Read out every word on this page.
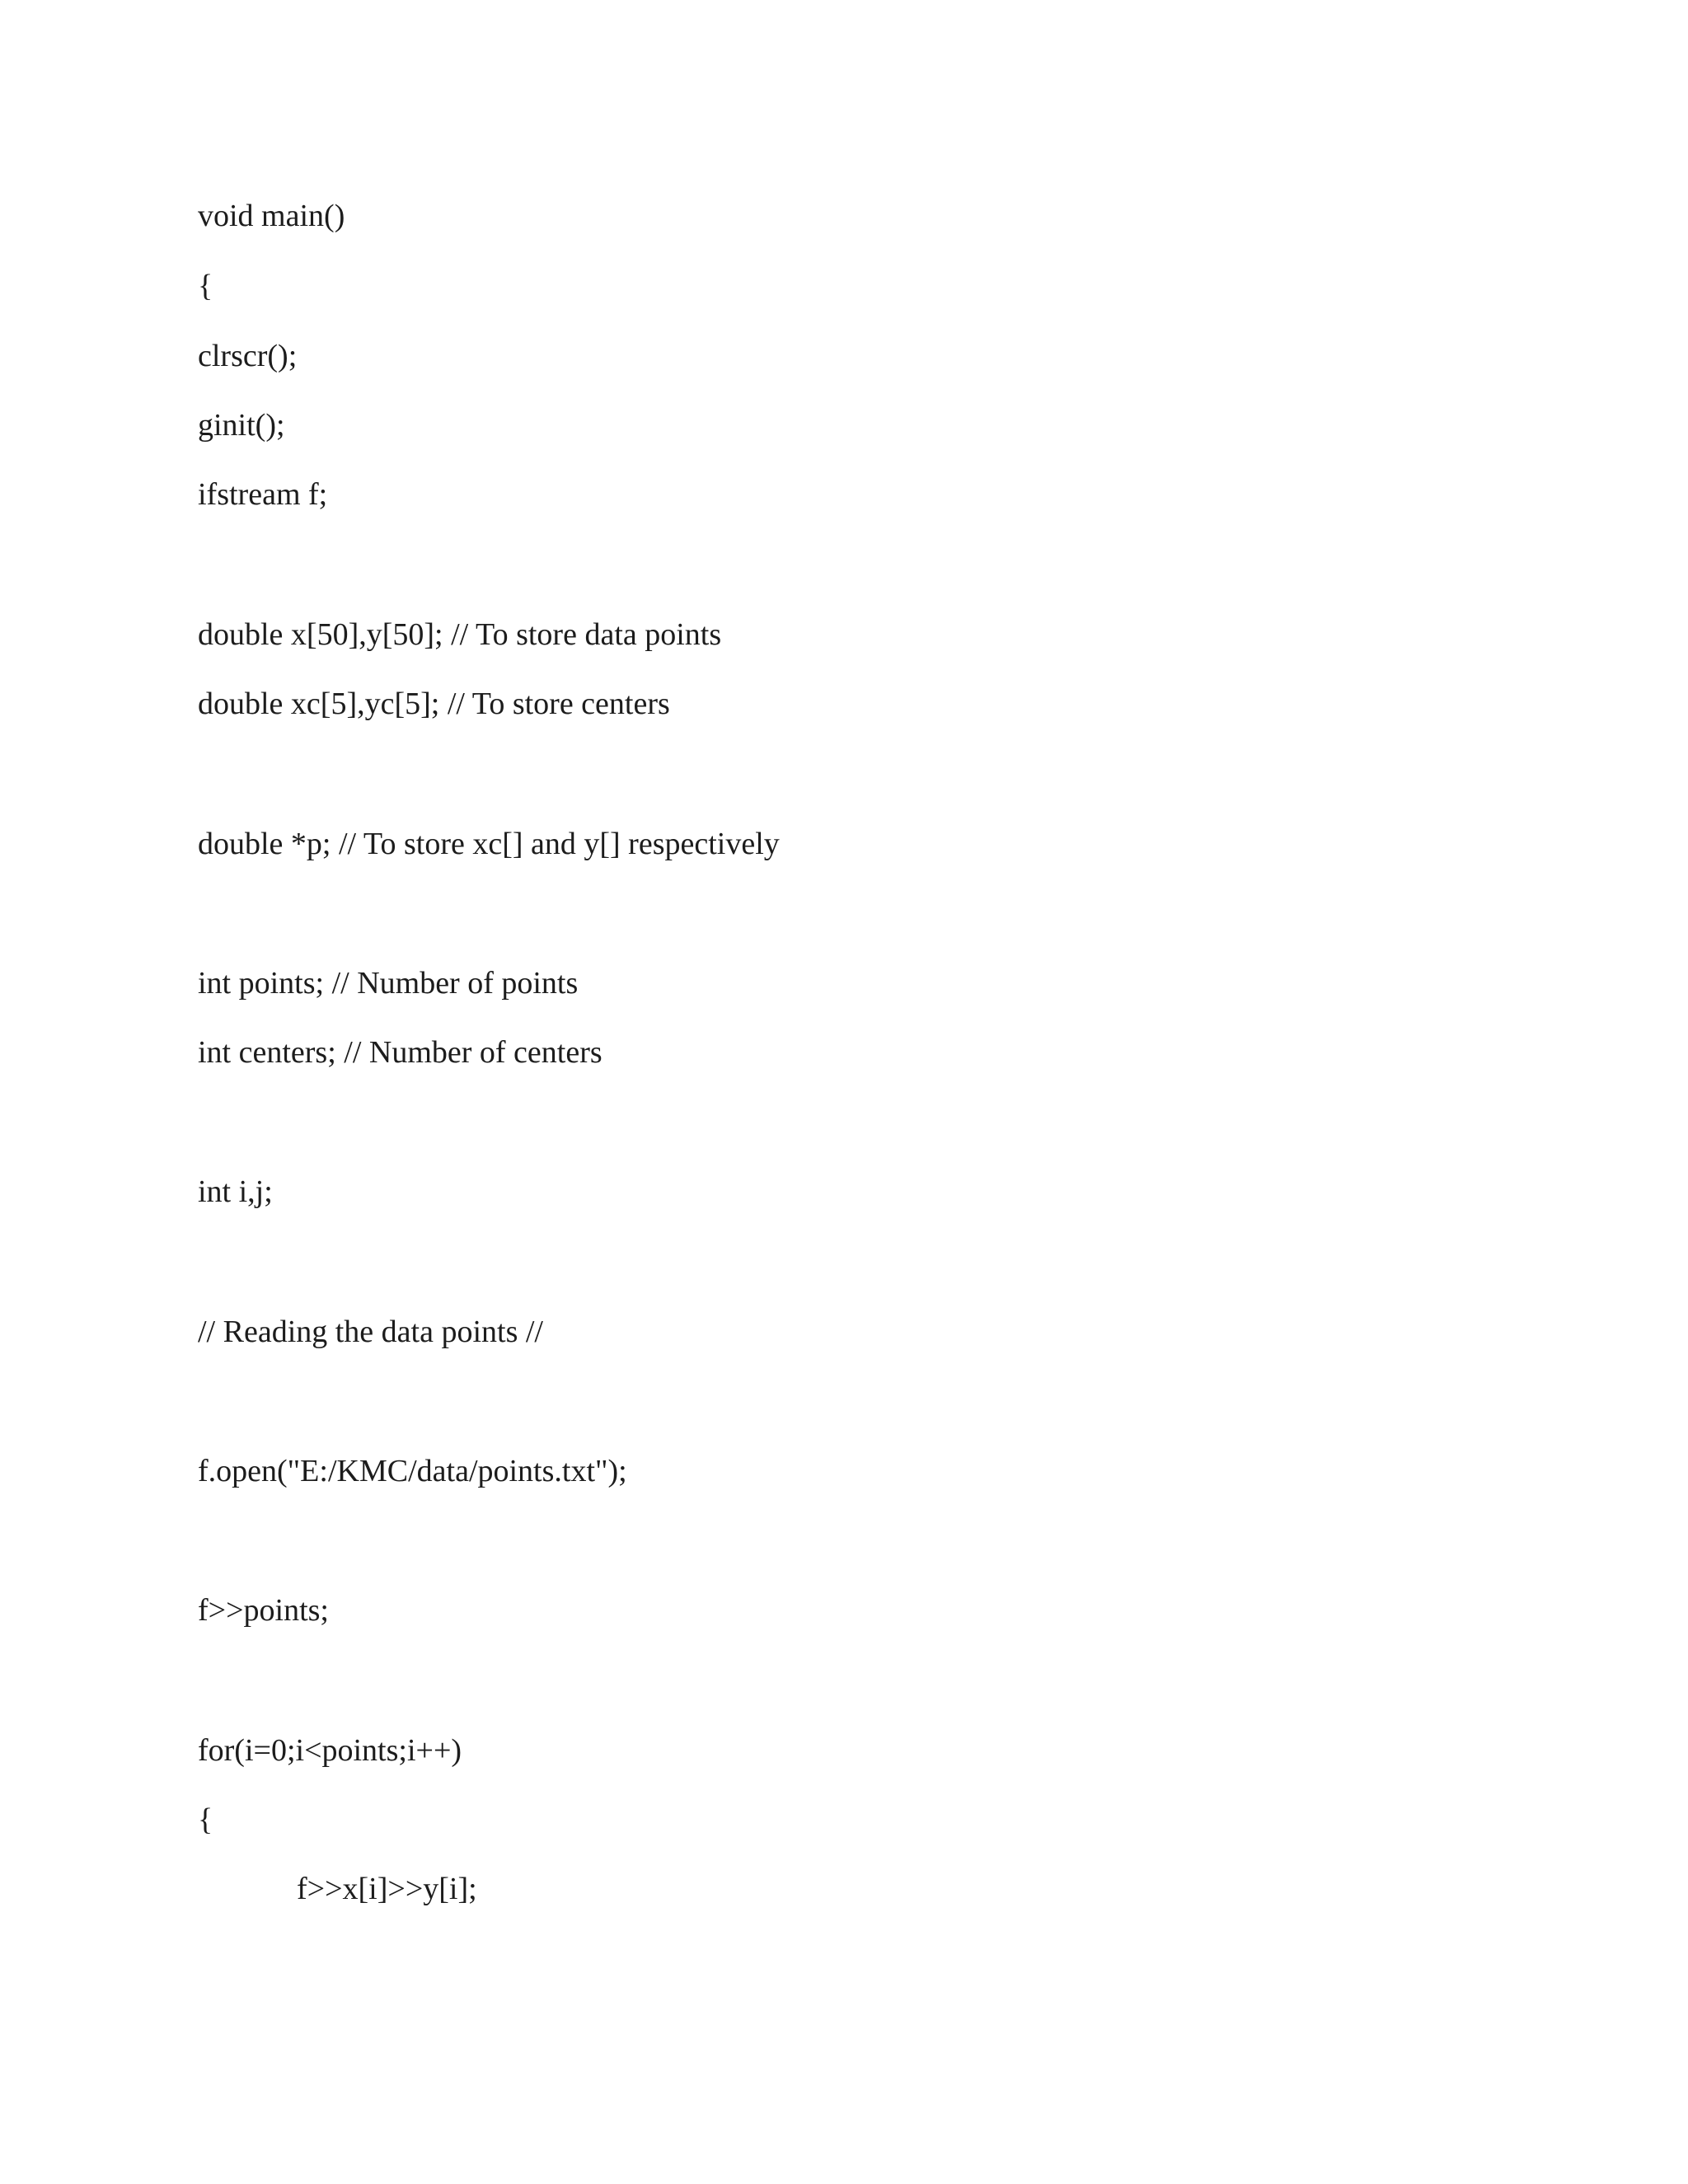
void main()
{
clrscr();
ginit();
ifstream f;
double x[50],y[50]; // To store data points
double xc[5],yc[5]; // To store centers
double *p; // To store xc[] and y[] respectively
int points; // Number of points
int centers; // Number of centers
int i,j;
// Reading the data points //
f.open("E:/KMC/data/points.txt");
f>>points;
for(i=0;i<points;i++)
{
f>>x[i]>>y[i];
